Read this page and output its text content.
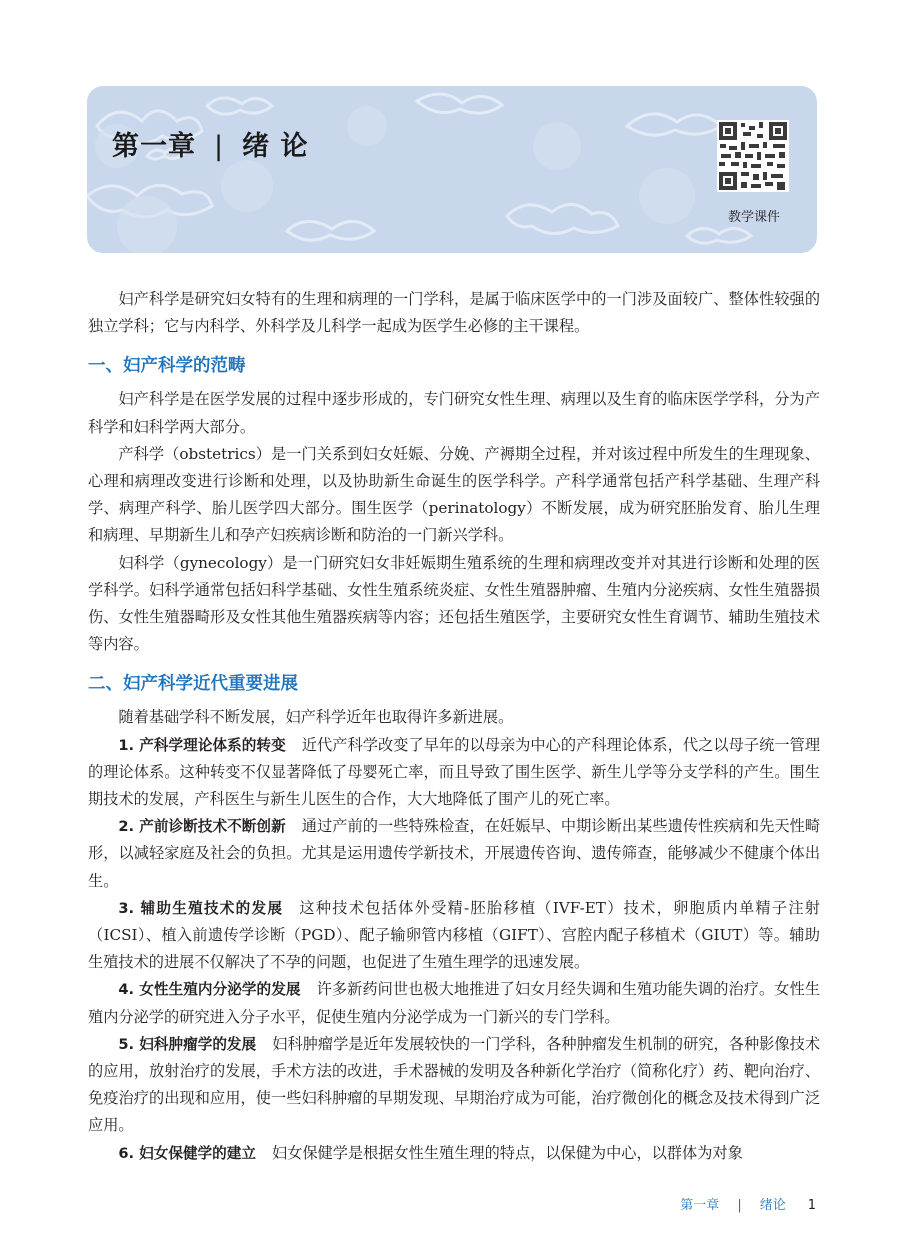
第一章 | 绪 论
教学课件

妇产科学是研究妇女特有的生理和病理的一门学科，是属于临床医学中的一门涉及面较广、整体性较强的独立学科；它与内科学、外科学及儿科学一起成为医学生必修的主干课程。

一、妇产科学的范畴

妇产科学是在医学发展的过程中逐步形成的，专门研究女性生理、病理以及生育的临床医学学科，分为产科学和妇科学两大部分。

产科学（obstetrics）是一门关系到妇女妊娠、分娩、产褥期全过程，并对该过程中所发生的生理现象、心理和病理改变进行诊断和处理，以及协助新生命诞生的医学科学。产科学通常包括产科学基础、生理产科学、病理产科学、胎儿医学四大部分。围生医学（perinatology）不断发展，成为研究胚胎发育、胎儿生理和病理、早期新生儿和孕产妇疾病诊断和防治的一门新兴学科。

妇科学（gynecology）是一门研究妇女非妊娠期生殖系统的生理和病理改变并对其进行诊断和处理的医学科学。妇科学通常包括妇科学基础、女性生殖系统炎症、女性生殖器肿瘤、生殖内分泌疾病、女性生殖器损伤、女性生殖器畸形及女性其他生殖器疾病等内容；还包括生殖医学，主要研究女性生育调节、辅助生殖技术等内容。

二、妇产科学近代重要进展

随着基础学科不断发展，妇产科学近年也取得许多新进展。

1. 产科学理论体系的转变 近代产科学改变了早年的以母亲为中心的产科理论体系，代之以母子统一管理的理论体系。这种转变不仅显著降低了母婴死亡率，而且导致了围生医学、新生儿学等分支学科的产生。围生期技术的发展，产科医生与新生儿医生的合作，大大地降低了围产儿的死亡率。

2. 产前诊断技术不断创新 通过产前的一些特殊检查，在妊娠早、中期诊断出某些遗传性疾病和先天性畸形，以减轻家庭及社会的负担。尤其是运用遗传学新技术，开展遗传咨询、遗传筛查，能够减少不健康个体出生。

3. 辅助生殖技术的发展 这种技术包括体外受精-胚胎移植（IVF-ET）技术，卵胞质内单精子注射（ICSI）、植入前遗传学诊断（PGD）、配子输卵管内移植（GIFT）、宫腔内配子移植术（GIUT）等。辅助生殖技术的进展不仅解决了不孕的问题，也促进了生殖生理学的迅速发展。

4. 女性生殖内分泌学的发展 许多新药问世也极大地推进了妇女月经失调和生殖功能失调的治疗。女性生殖内分泌学的研究进入分子水平，促使生殖内分泌学成为一门新兴的专门学科。

5. 妇科肿瘤学的发展 妇科肿瘤学是近年发展较快的一门学科，各种肿瘤发生机制的研究，各种影像技术的应用，放射治疗的发展，手术方法的改进，手术器械的发明及各种新化学治疗（简称化疗）药、靶向治疗、免疫治疗的出现和应用，使一些妇科肿瘤的早期发现、早期治疗成为可能，治疗微创化的概念及技术得到广泛应用。

6. 妇女保健学的建立 妇女保健学是根据女性生殖生理的特点，以保健为中心，以群体为对象

第一章 | 绪论 1
